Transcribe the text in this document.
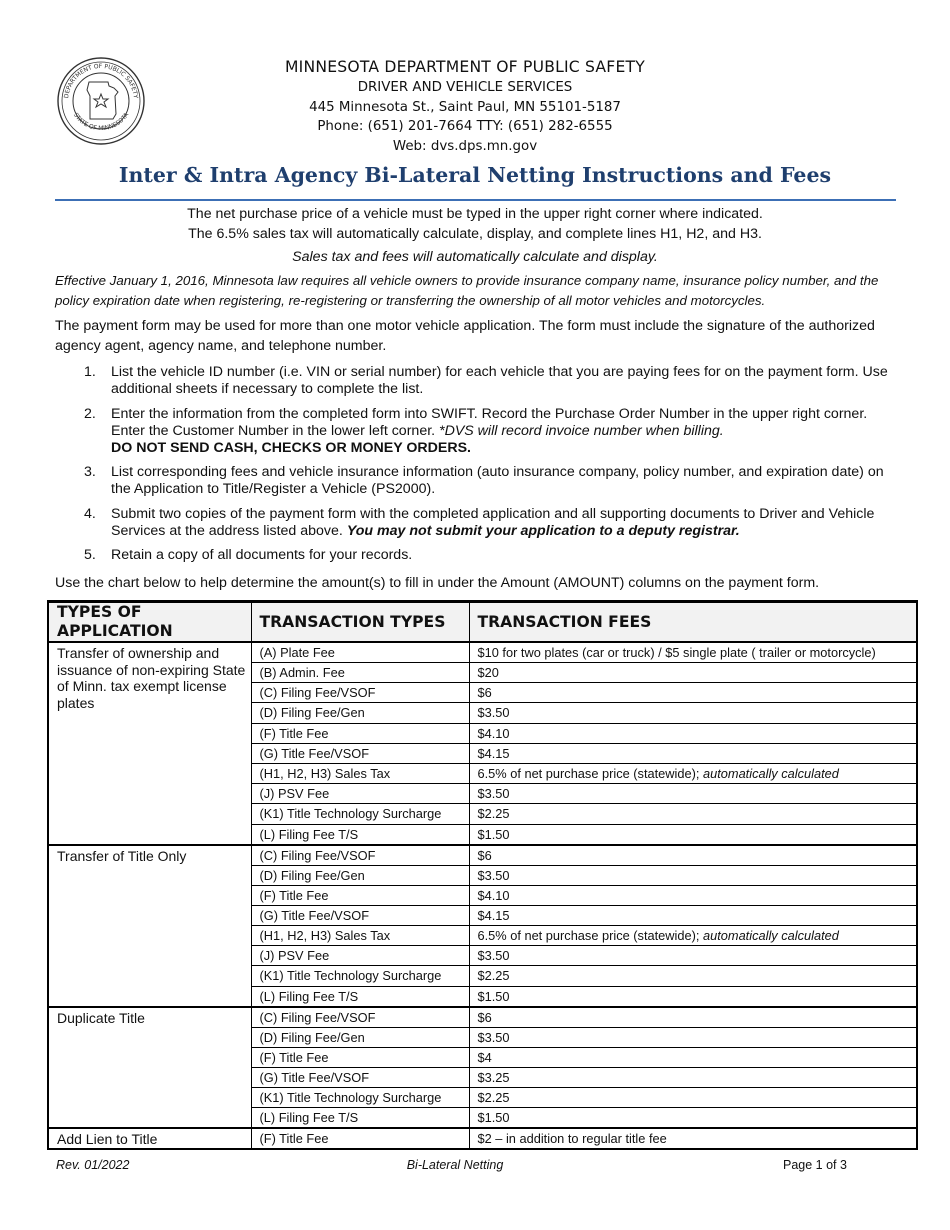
DEPARTMENT OF PUBLIC SAFETY
STATE OF MINNESOTA
MINNESOTA DEPARTMENT OF PUBLIC SAFETY
DRIVER AND VEHICLE SERVICES
445 Minnesota St., Saint Paul, MN 55101-5187
Phone: (651) 201-7664 TTY: (651) 282-6555
Web: dvs.dps.mn.gov
Inter & Intra Agency Bi-Lateral Netting Instructions and Fees
The net purchase price of a vehicle must be typed in the upper right corner where indicated.
The 6.5% sales tax will automatically calculate, display, and complete lines H1, H2, and H3.
Sales tax and fees will automatically calculate and display.
Effective January 1, 2016, Minnesota law requires all vehicle owners to provide insurance company name, insurance policy number, and the policy expiration date when registering, re-registering or transferring the ownership of all motor vehicles and motorcycles.
The payment form may be used for more than one motor vehicle application. The form must include the signature of the authorized agency agent, agency name, and telephone number.
1. List the vehicle ID number (i.e. VIN or serial number) for each vehicle that you are paying fees for on the payment form. Use additional sheets if necessary to complete the list.
2. Enter the information from the completed form into SWIFT. Record the Purchase Order Number in the upper right corner. Enter the Customer Number in the lower left corner. *DVS will record invoice number when billing.
DO NOT SEND CASH, CHECKS OR MONEY ORDERS.
3. List corresponding fees and vehicle insurance information (auto insurance company, policy number, and expiration date) on the Application to Title/Register a Vehicle (PS2000).
4. Submit two copies of the payment form with the completed application and all supporting documents to Driver and Vehicle Services at the address listed above. You may not submit your application to a deputy registrar.
5. Retain a copy of all documents for your records.
Use the chart below to help determine the amount(s) to fill in under the Amount (AMOUNT) columns on the payment form.
TYPES OF APPLICATION	TRANSACTION TYPES	TRANSACTION FEES
Transfer of ownership and issuance of non-expiring State of Minn. tax exempt license plates	(A) Plate Fee	$10 for two plates (car or truck) / $5 single plate ( trailer or motorcycle)
	(B) Admin. Fee	$20
	(C) Filing Fee/VSOF	$6
	(D) Filing Fee/Gen	$3.50
	(F) Title Fee	$4.10
	(G) Title Fee/VSOF	$4.15
	(H1, H2, H3) Sales Tax	6.5% of net purchase price (statewide); automatically calculated
	(J) PSV Fee	$3.50
	(K1) Title Technology Surcharge	$2.25
	(L) Filing Fee T/S	$1.50
Transfer of Title Only	(C) Filing Fee/VSOF	$6
	(D) Filing Fee/Gen	$3.50
	(F) Title Fee	$4.10
	(G) Title Fee/VSOF	$4.15
	(H1, H2, H3) Sales Tax	6.5% of net purchase price (statewide); automatically calculated
	(J) PSV Fee	$3.50
	(K1) Title Technology Surcharge	$2.25
	(L) Filing Fee T/S	$1.50
Duplicate Title	(C) Filing Fee/VSOF	$6
	(D) Filing Fee/Gen	$3.50
	(F) Title Fee	$4
	(G) Title Fee/VSOF	$3.25
	(K1) Title Technology Surcharge	$2.25
	(L) Filing Fee T/S	$1.50
Add Lien to Title	(F) Title Fee	$2 – in addition to regular title fee
Rev. 01/2022	Bi-Lateral Netting	Page 1 of 3
